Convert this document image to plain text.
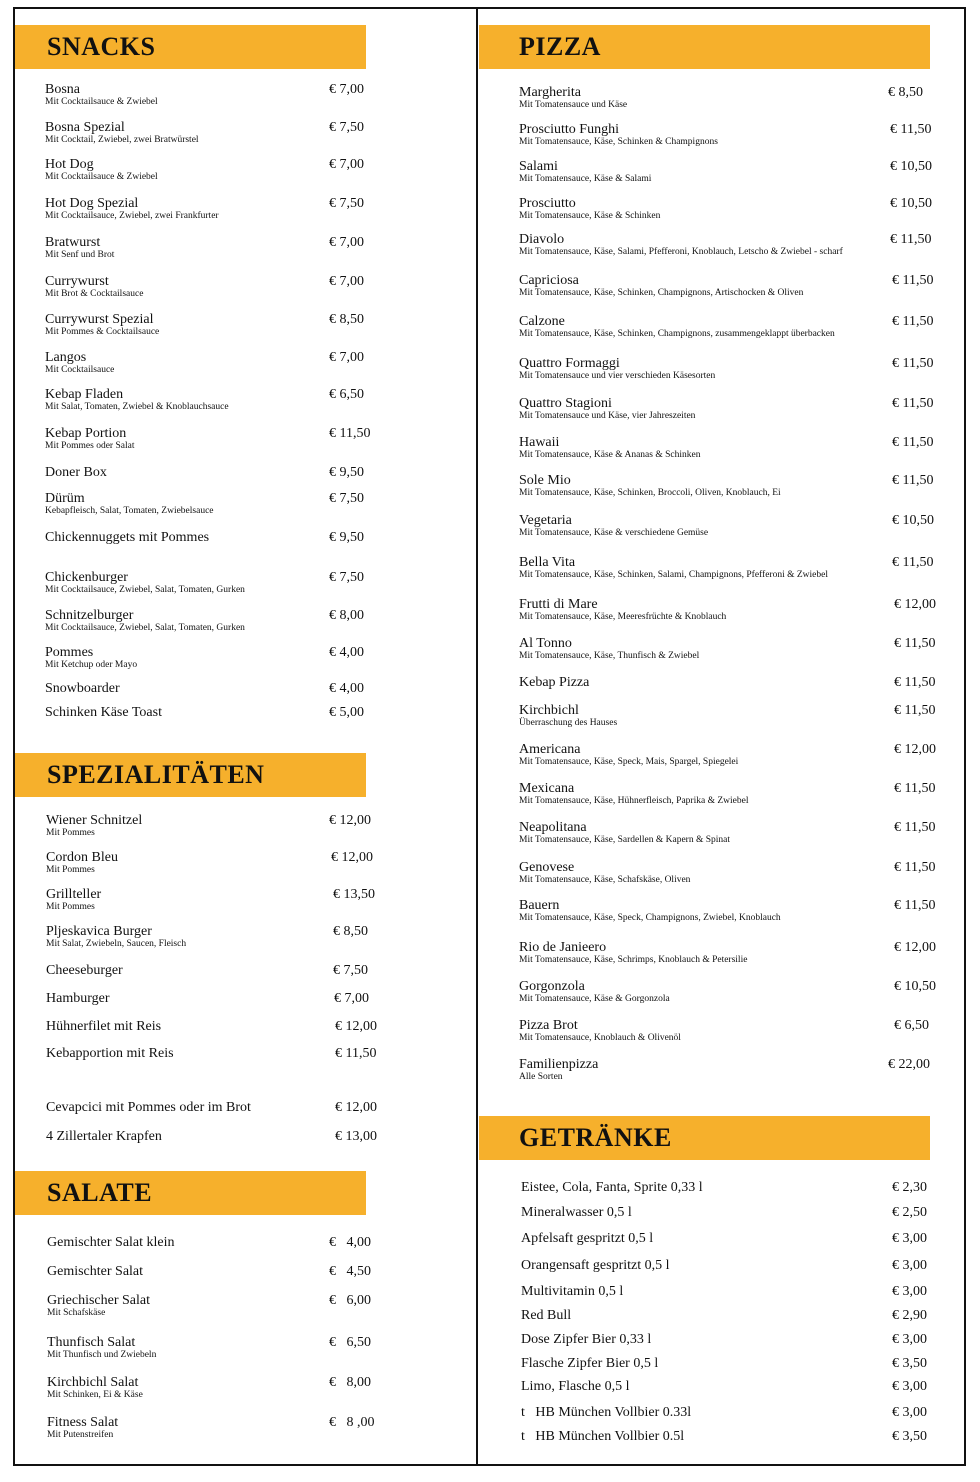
SNACKS
SPEZIALITÄTEN
SALATE
PIZZA
GETRÄNKE
Bosna
Mit Cocktailsauce & Zwiebel
€ 7,00
Bosna Spezial
Mit Cocktail, Zwiebel, zwei Bratwürstel
€ 7,50
Hot Dog
Mit Cocktailsauce & Zwiebel
€ 7,00
Hot Dog Spezial
Mit Cocktailsauce, Zwiebel, zwei Frankfurter
€ 7,50
Bratwurst
Mit Senf und Brot
€ 7,00
Currywurst
Mit Brot & Cocktailsauce
€ 7,00
Currywurst Spezial
Mit Pommes & Cocktailsauce
€ 8,50
Langos
Mit Cocktailsauce
€ 7,00
Kebap Fladen
Mit Salat, Tomaten, Zwiebel & Knoblauchsauce
€ 6,50
Kebap Portion
Mit Pommes oder Salat
€ 11,50
Doner Box	€ 9,50
Dürüm
Kebapfleisch, Salat, Tomaten, Zwiebelsauce
€ 7,50
Chickennuggets mit Pommes	€ 9,50
Chickenburger
Mit Cocktailsauce, Zwiebel, Salat, Tomaten, Gurken
€ 7,50
Schnitzelburger
Mit Cocktailsauce, Zwiebel, Salat, Tomaten, Gurken
€ 8,00
Pommes
Mit Ketchup oder Mayo
€ 4,00
Snowboarder	€ 4,00
Schinken Käse Toast	€ 5,00
Wiener Schnitzel
Mit Pommes
€ 12,00
Cordon Bleu
Mit Pommes
€ 12,00
Grillteller
Mit Pommes
€ 13,50
Pljeskavica Burger
Mit Salat, Zwiebeln, Saucen, Fleisch
€ 8,50
Cheeseburger	€ 7,50
Hamburger	€ 7,00
Hühnerfilet mit Reis	€ 12,00
Kebapportion mit Reis	€ 11,50
Cevapcici mit Pommes oder im Brot	€ 12,00
4 Zillertaler Krapfen	€ 13,00
Gemischter Salat klein	€   4,00
Gemischter Salat	€   4,50
Griechischer Salat
Mit Schafskäse
€   6,00
Thunfisch Salat
Mit Thunfisch und Zwiebeln
€   6,50
Kirchbichl Salat
Mit Schinken, Ei & Käse
€   8,00
Fitness Salat
Mit Putenstreifen
€   8 ,00
Margherita
Mit Tomatensauce und Käse
€ 8,50
Prosciutto Funghi
Mit Tomatensauce, Käse, Schinken & Champignons
€ 11,50
Salami
Mit Tomatensauce, Käse & Salami
€ 10,50
Prosciutto
Mit Tomatensauce, Käse & Schinken
€ 10,50
Diavolo
Mit Tomatensauce, Käse, Salami, Pfefferoni, Knoblauch, Letscho & Zwiebel - scharf
€ 11,50
Capriciosa
Mit Tomatensauce, Käse, Schinken, Champignons, Artischocken & Oliven
€ 11,50
Calzone
Mit Tomatensauce, Käse, Schinken, Champignons, zusammengeklappt überbacken
€ 11,50
Quattro Formaggi
Mit Tomatensauce und vier verschieden Käsesorten
€ 11,50
Quattro Stagioni
Mit Tomatensauce und Käse, vier Jahreszeiten
€ 11,50
Hawaii
Mit Tomatensauce, Käse & Ananas & Schinken
€ 11,50
Sole Mio
Mit Tomatensauce, Käse, Schinken, Broccoli, Oliven, Knoblauch, Ei
€ 11,50
Vegetaria
Mit Tomatensauce, Käse & verschiedene Gemüse
€ 10,50
Bella Vita
Mit Tomatensauce, Käse, Schinken, Salami, Champignons, Pfefferoni & Zwiebel
€ 11,50
Frutti di Mare
Mit Tomatensauce, Käse, Meeresfrüchte & Knoblauch
€ 12,00
Al Tonno
Mit Tomatensauce, Käse, Thunfisch & Zwiebel
€ 11,50
Kebap Pizza	€ 11,50
Kirchbichl
Überraschung des Hauses
€ 11,50
Americana
Mit Tomatensauce, Käse, Speck, Mais, Spargel, Spiegelei
€ 12,00
Mexicana
Mit Tomatensauce, Käse, Hühnerfleisch, Paprika & Zwiebel
€ 11,50
Neapolitana
Mit Tomatensauce, Käse, Sardellen & Kapern & Spinat
€ 11,50
Genovese
Mit Tomatensauce, Käse, Schafskäse, Oliven
€ 11,50
Bauern
Mit Tomatensauce, Käse, Speck, Champignons, Zwiebel, Knoblauch
€ 11,50
Rio de Janieero
Mit Tomatensauce, Käse, Schrimps, Knoblauch & Petersilie
€ 12,00
Gorgonzola
Mit Tomatensauce, Käse & Gorgonzola
€ 10,50
Pizza Brot
Mit Tomatensauce, Knoblauch & Olivenöl
€ 6,50
Familienpizza
Alle Sorten
€ 22,00
Eistee, Cola, Fanta, Sprite 0,33 l	€ 2,30
Mineralwasser 0,5 l	€ 2,50
Apfelsaft gespritzt 0,5 l	€ 3,00
Orangensaft gespritzt 0,5 l	€ 3,00
Multivitamin 0,5 l	€ 3,00
Red Bull	€ 2,90
Dose Zipfer Bier 0,33 l	€ 3,00
Flasche Zipfer Bier 0,5 l	€ 3,50
Limo, Flasche 0,5 l	€ 3,00
t   HB München Vollbier 0.33l	€ 3,00
t   HB München Vollbier 0.5l	€ 3,50
